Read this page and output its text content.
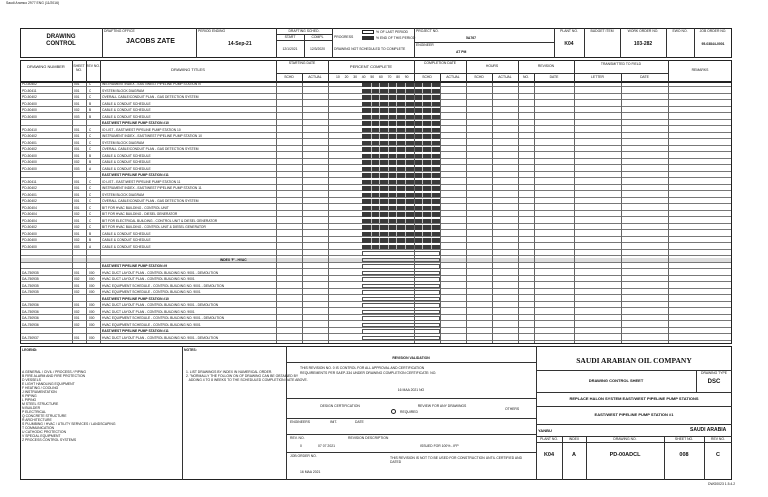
Saudi Aramco 2977 ENG (11/2016)
DRAWING
CONTROL
DRAFTING OFFICE
JACOBS ZATE
PERIOD ENDING
14-Sep-21
DRAFTING SCHED.
START	COMPL
12/1/2021	12/3/2020
PROGRESS
% OF LAST PERIOD
% END OF THIS PERIOD
DRAWING NOT SCHEDULED TO COMPLETE
PROJECT NO.
5A767
ENGINEER
AT PM
PLANT NO.
K04
BUDGET ITEM	WORK ORDER NO.
103-282
EWO NO.	JOB ORDER NO.
95-03844-0001
DRAWING NUMBER	SHEET NO.
REV NO.
DRAWING TITLES
STARTING DATE
SCHD	ACTUAL
PERCENT COMPLETE
10 20 30 40 50 60 70 80 90
COMPLETION DATE
SCHD	ACTUAL
HOURS
SCHD	ACTUAL
REVISION
NO.	DATE
TRANSMITTED TO FIELD
LETTER	DATE
REMARKS
PD-50402	001	C	INSTRUMENT INDEX - EAST/WEST PIPELINE PUMP STATION N
PD-50411	001	C	SYSTEM BLOCK DIAGRAM
PD-50402	001	C	OVERALL CABLE/CONDUIT PLAN - GAS DETECTION SYSTEM
PD-50400	001	B	CABLE & CONDUIT SCHEDULE
PD-50400	002	B	CABLE & CONDUIT SCHEDULE
PD-50400	003	B	CABLE & CONDUIT SCHEDULE
EAST/WEST PIPELINE PUMP STATION #10
PD-50410	001	C	IO LIST - EAST/WEST PIPELINE PUMP STATION 10
PD-50402	001	C	INSTRUMENT INDEX - EAST/WEST PIPELINE PUMP STATION 10
PD-50401	001	C	SYSTEM BLOCK DIAGRAM
PD-50402	001	C	OVERALL CABLE/CONDUIT PLAN - GAS DETECTION SYSTEM
PD-50400	001	B	CABLE & CONDUIT SCHEDULE
PD-50400	002	B	CABLE & CONDUIT SCHEDULE
PD-50400	003	A	CABLE & CONDUIT SCHEDULE
EAST/WEST PIPELINE PUMP STATION #11
PD-50411	001	C	IO LIST - EAST/WEST PIPELINE PUMP STATION 11
PD-50402	001	C	INSTRUMENT INDEX - EAST/WEST PIPELINE PUMP STATION 11
PD-50401	001	C	SYSTEM BLOCK DIAGRAM
PD-50402	001	C	OVERALL CABLE/CONDUIT PLAN - GAS DETECTION SYSTEM
PD-50404	001	C	BIT FOR HVAC BUILDING - CONTROL UNIT
PD-50404	002	C	BIT FOR HVAC BUILDING - DIESEL GENERATOR
PD-50404	001	C	BIT FOR ELECTRICAL BUILDING - CONTROL UNIT & DIESEL GENERATOR
PD-50402	002	C	BIT FOR HVAC BUILDING - CONTROL UNIT & DIESEL GENERATOR
PD-50400	001	B	CABLE & CONDUIT SCHEDULE
PD-50400	002	B	CABLE & CONDUIT SCHEDULE
PD-50400	003	A	CABLE & CONDUIT SCHEDULE
INDEX 'F' - HVAC
EAST/WEST PIPELINE PUMP STATION #9
DA-750935	001	000 HVAC DUCT LAYOUT PLAN - CONTROL BUILDING NO. 9001 - DEMOLITION
DA-750935	002	000 HVAC DUCT LAYOUT PLAN - CONTROL BUILDING NO. 9001
DA-750935	001	000 HVAC EQUIPMENT SCHEDULE - CONTROL BUILDING NO. 9001 - DEMOLITION
DA-750935	002	000 HVAC EQUIPMENT SCHEDULE - CONTROL BUILDING NO. 9001
EAST/WEST PIPELINE PUMP STATION #10
DA-750936	001	000 HVAC DUCT LAYOUT PLAN - CONTROL BUILDING NO. 9001 - DEMOLITION
DA-750936	002	000 HVAC DUCT LAYOUT PLAN - CONTROL BUILDING NO. 9001
DA-750936	001	000 HVAC EQUIPMENT SCHEDULE - CONTROL BUILDING NO. 9001 - DEMOLITION
DA-750936	002	000 HVAC EQUIPMENT SCHEDULE - CONTROL BUILDING NO. 9001
EAST/WEST PIPELINE PUMP STATION #11
DA-750937	001	000 HVAC DUCT LAYOUT PLAN - CONTROL BUILDING NO. 9001 - DEMOLITION
LEGEND:
A GENERAL / CIVIL / PROCESS / PIPING
B FIRE ALARM AND FIRE PROTECTION
D VESSELS
E LIGHT HANDLING EQUIPMENT
F HEATING / COOLING
J INSTRUMENTATION
K PIPING
L PIPING
M STEEL STRUCTURE
N BUILDER
P ELECTRICAL
Q CONCRETE STRUCTURE
R ARCHITECTURE
S PLUMBING / HVAC / UTILITY SERVICES / LANDSCAPING
T COMMUNICATION
U CATHODIC PROTECTION
V SPECIAL EQUIPMENT
Z PROCESS CONTROL SYSTEMS
NOTES:
1. LIST DRAWINGS BY INDEX IN NUMERICAL ORDER.
2. "NORMALLY THE FOLLOW ON OF DRAWING CAN BE OBTAINED BY
ADDING 4 TO 8 WEEKS TO THE SCHEDULED COMPLETION DATE ABOVE.
REVISION VALIDATION
THIS REVISION NO. 0 IS CONTROL FOR ALL APPROVAL AND CERTIFICATION
REQUIREMENTS PER SAEP-334 UNDER DRAWING COMPLETION CERTIFICATE: NO.
16 MAA 2021 NO
DESIGN CERTIFICATION	REVIEW FOR ANY DRAWINGS
REQUIRED
OTHERS
ENGINEERS	INIT.	DATE
REV. NO.	REVISION DESCRIPTION
0	07 07 2021	ISSUED FOR 100% - IFP
JOB ORDER NO.
16 MAA 2021
THIS REVISION IS NOT TO BE USED FOR CONSTRUCTION UNTIL CERTIFIED AND DATED
SAUDI ARABIAN OIL COMPANY
DRAWING CONTROL SHEET
DRAWING TYPE
DSC
REPLACE HALON SYSTEM EAST/WEST PIPELINE PUMP STATIONS
EAST/WEST PIPELINE PUMP STATION #1
YANBU	SAUDI ARABIA
PLANT NO.	INDEX	DRAWING NO.	SHEET NO.	REV NO.
K04	A	PD-00ADCL	008	C
DWG0023 1.5.4.2
